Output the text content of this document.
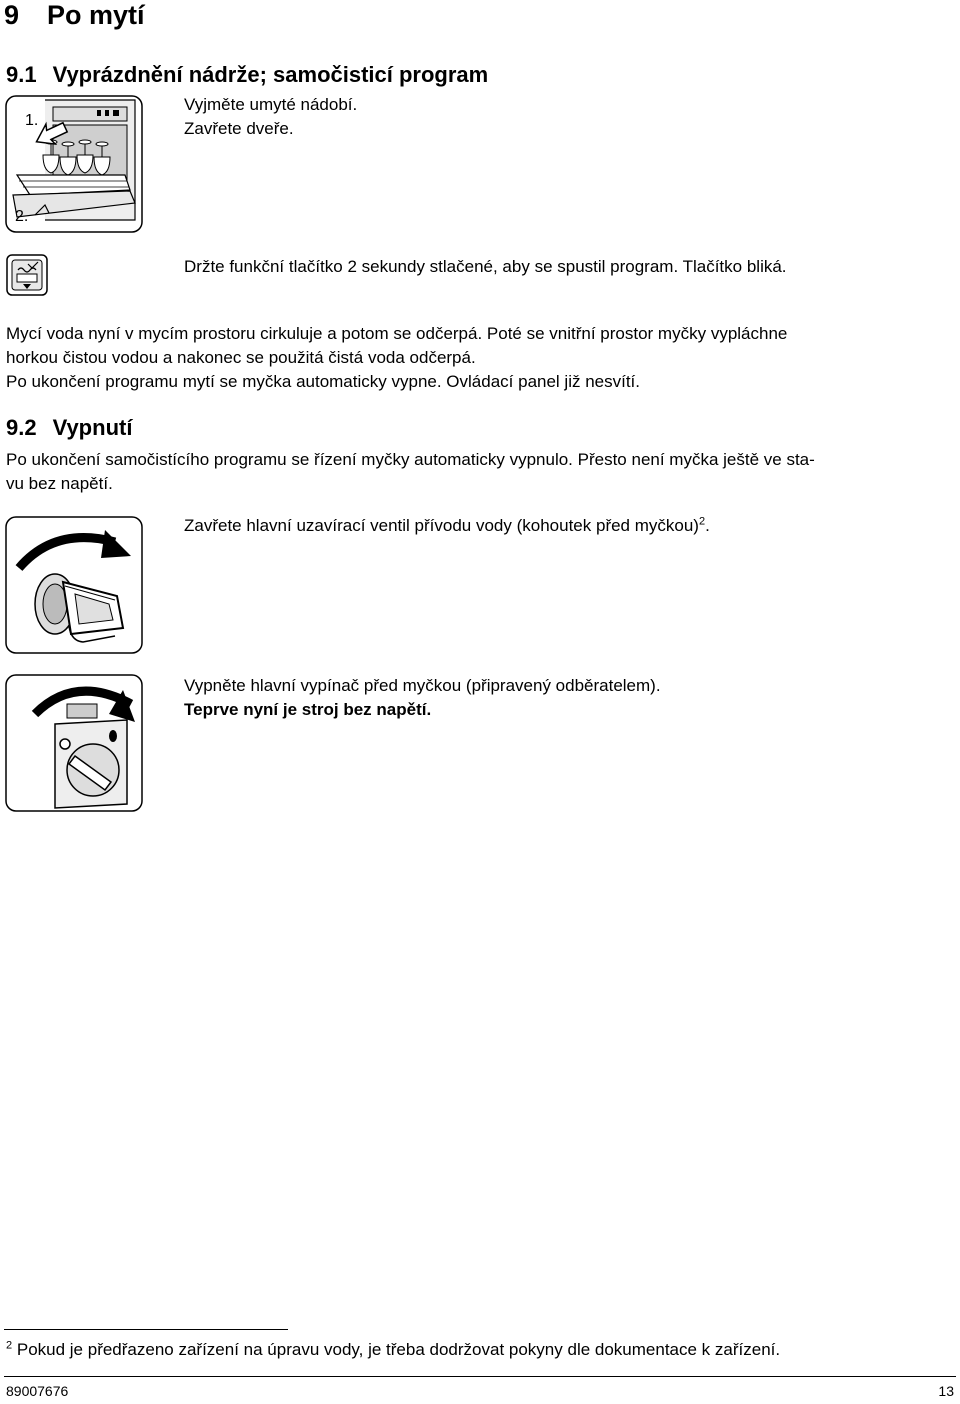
9 Po mytí
9.1 Vyprázdnění nádrže; samočisticí program
1.
2.
Vyjměte umyté nádobí.
Zavřete dveře.
Držte funkční tlačítko 2 sekundy stlačené, aby se spustil program. Tlačítko bliká.
Mycí voda nyní v mycím prostoru cirkuluje a potom se odčerpá. Poté se vnitřní prostor myčky vypláchne
horkou čistou vodou a nakonec se použitá čistá voda odčerpá.
Po ukončení programu mytí se myčka automaticky vypne. Ovládací panel již nesvítí.
9.2 Vypnutí
Po ukončení samočistícího programu se řízení myčky automaticky vypnulo. Přesto není myčka ještě ve sta-
vu bez napětí.
Zavřete hlavní uzavírací ventil přívodu vody (kohoutek před myčkou)$^2$.
Vypněte hlavní vypínač před myčkou (připravený odběratelem).
Teprve nyní je stroj bez napětí.
$^2$ Pokud je předřazeno zařízení na úpravu vody, je třeba dodržovat pokyny dle dokumentace k zařízení.
89007676	13
